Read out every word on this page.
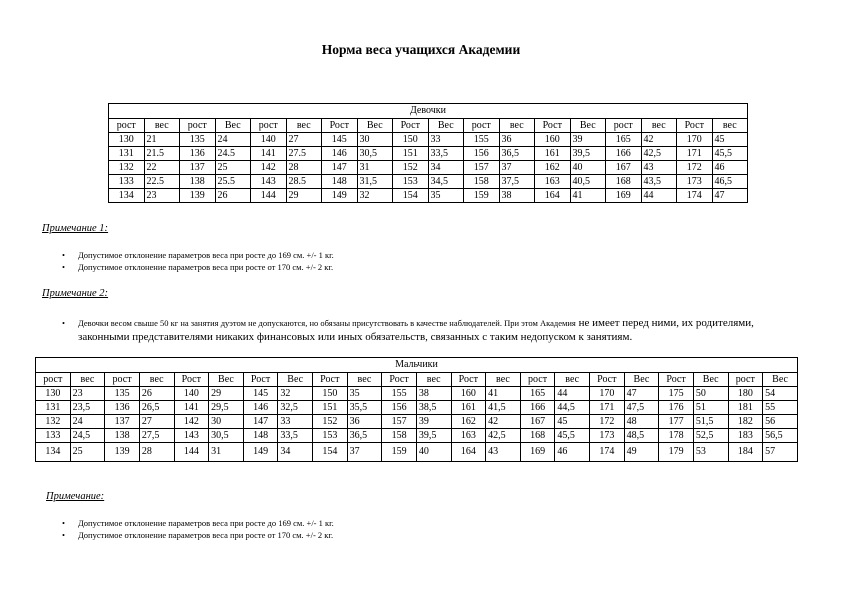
Норма веса учащихся Академии
Девочки																	
рост	вес	рост	Вес	рост	вес	Рост	Вес	Рост	Вес	рост	вес	Рост	Вес	рост	вес	Рост	вес
130	21	135	24	140	27	145	30	150	33	155	36	160	39	165	42	170	45
131	21.5	136	24.5	141	27.5	146	30,5	151	33,5	156	36,5	161	39,5	166	42,5	171	45,5
132	22	137	25	142	28	147	31	152	34	157	37	162	40	167	43	172	46
133	22.5	138	25.5	143	28.5	148	31,5	153	34,5	158	37,5	163	40,5	168	43,5	173	46,5
134	23	139	26	144	29	149	32	154	35	159	38	164	41	169	44	174	47
Примечание 1:
• Допустимое отклонение параметров веса при росте до 169 см. +/- 1 кг.
• Допустимое отклонение параметров веса при росте от 170 см. +/- 2 кг.
Примечание 2:
• Девочки весом свыше 50 кг на занятия дуэтом не допускаются, но обязаны присутствовать в качестве наблюдателей. При этом Академия не имеет перед ними, их родителями, законными представителями никаких финансовых или иных обязательств, связанных с таким недопуском к занятиям.
Мальчики																					
рост	вес	рост	вес	Рост	Вес	Рост	Вес	Рост	вес	Рост	вес	Рост	вес	рост	вес	Рост	Вес	Рост	Вес	рост	Вес
130	23	135	26	140	29	145	32	150	35	155	38	160	41	165	44	170	47	175	50	180	54
131	23,5	136	26,5	141	29,5	146	32,5	151	35,5	156	38,5	161	41,5	166	44,5	171	47,5	176	51	181	55
132	24	137	27	142	30	147	33	152	36	157	39	162	42	167	45	172	48	177	51,5	182	56
133	24,5	138	27,5	143	30,5	148	33,5	153	36,5	158	39,5	163	42,5	168	45,5	173	48,5	178	52,5	183	56,5
134	25	139	28	144	31	149	34	154	37	159	40	164	43	169	46	174	49	179	53	184	57
Примечание:
• Допустимое отклонение параметров веса при росте до 169 см. +/- 1 кг.
• Допустимое отклонение параметров веса при росте от 170 см. +/- 2 кг.
